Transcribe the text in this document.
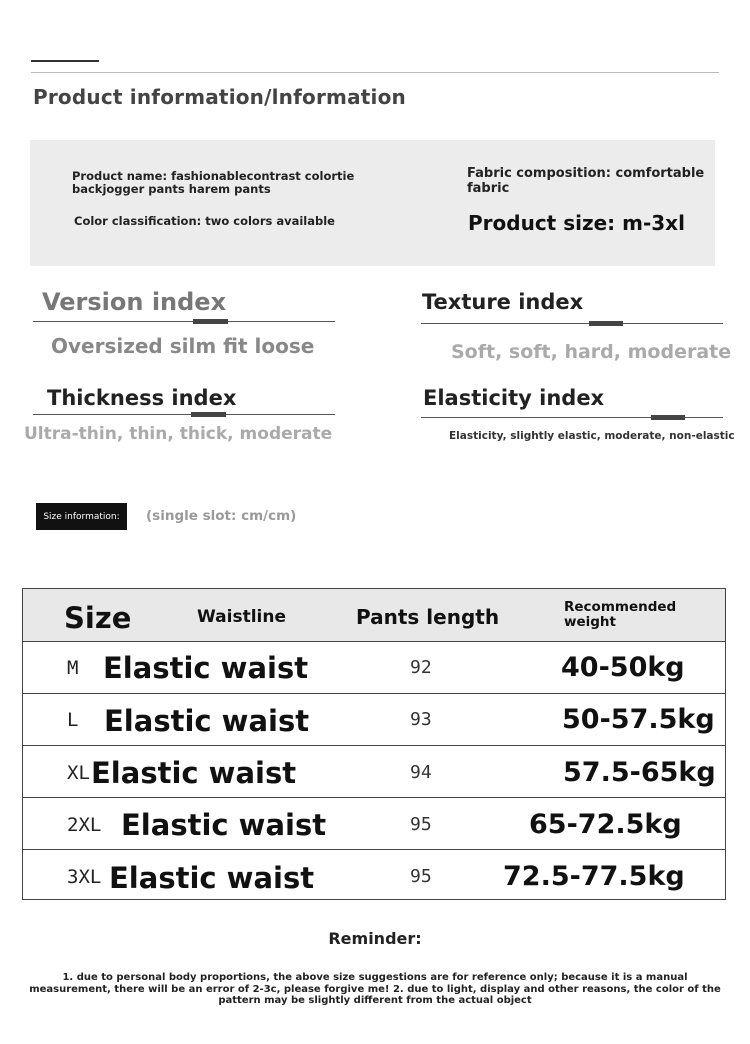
Product information/lnformation
Product name: fashionablecontrast colortie backjogger pants harem pants
Color classification: two colors available
Fabric composition: comfortable fabric
Product size: m-3xl
Version index
Oversized silm fit loose
Texture index
Soft, soft, hard, moderate
Thickness index
Ultra-thin, thin, thick, moderate
Elasticity index
Elasticity, slightly elastic, moderate, non-elastic
Size information:	(single slot: cm/cm)
Size	Waistline	Pants length	Recommended weight
M Elastic waist	92	40-50kg
L Elastic waist	93	50-57.5kg
XL Elastic waist	94	57.5-65kg
2XL Elastic waist	95	65-72.5kg
3XL Elastic waist	95	72.5-77.5kg
Reminder:
1. due to personal body proportions, the above size suggestions are for reference only; because it is a manual measurement, there will be an error of 2-3c, please forgive me! 2. due to light, display and other reasons, the color of the pattern may be slightly different from the actual object
